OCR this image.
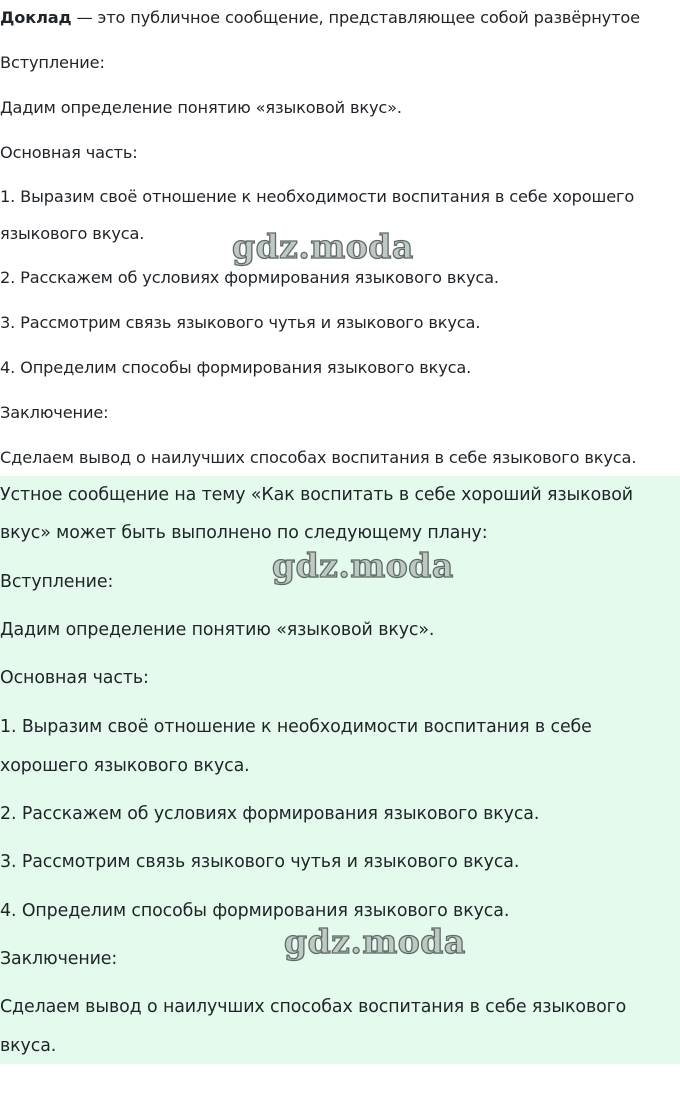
Доклад — это публичное сообщение, представляющее собой развёрнутое

Вступление:

Дадим определение понятию «языковой вкус».

Основная часть:

1. Выразим своё отношение к необходимости воспитания в себе хорошего

языкового вкуса.

2. Расскажем об условиях формирования языкового вкуса.

3. Рассмотрим связь языкового чутья и языкового вкуса.

4. Определим способы формирования языкового вкуса.

Заключение:

Сделаем вывод о наилучших способах воспитания в себе языкового вкуса.

Устное сообщение на тему «Как воспитать в себе хороший языковой

вкус» может быть выполнено по следующему плану:

Вступление:

Дадим определение понятию «языковой вкус».

Основная часть:

1. Выразим своё отношение к необходимости воспитания в себе

хорошего языкового вкуса.

2. Расскажем об условиях формирования языкового вкуса.

3. Рассмотрим связь языкового чутья и языкового вкуса.

4. Определим способы формирования языкового вкуса.

Заключение:

Сделаем вывод о наилучших способах воспитания в себе языкового

вкуса.

gdz.moda
gdz.moda
gdz.moda
